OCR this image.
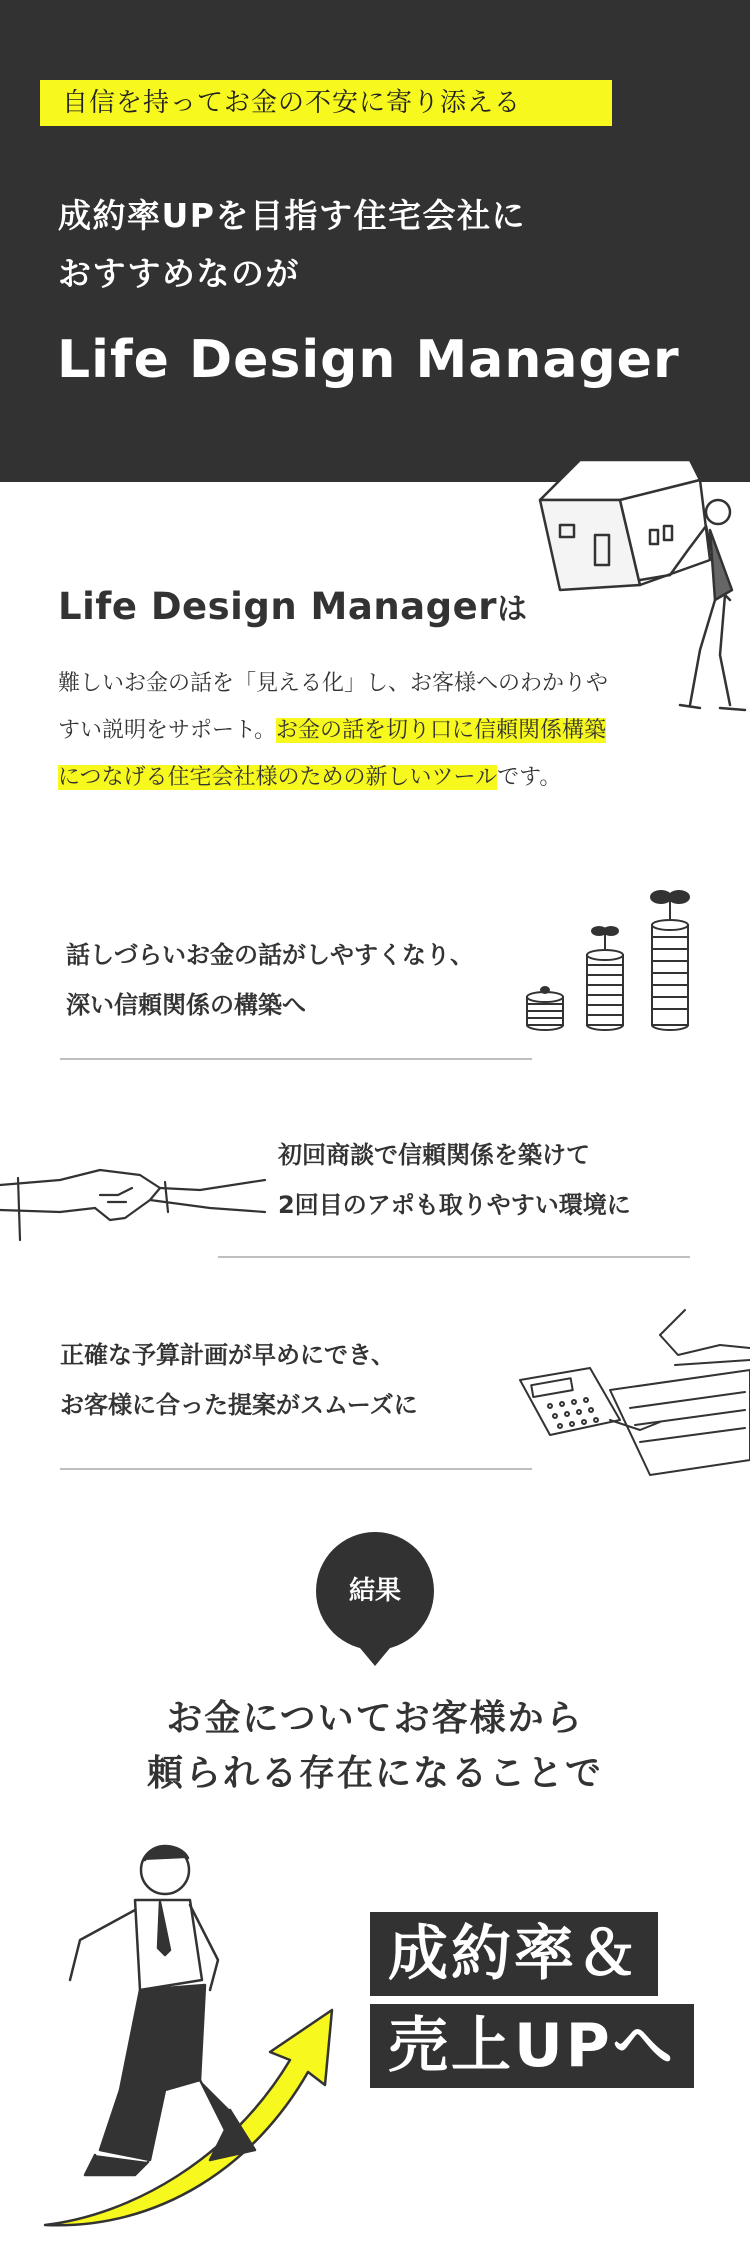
自信を持ってお金の不安に寄り添える
成約率UPを目指す住宅会社に
おすすめなのが
Life Design Manager
Life Design Managerは

難しいお金の話を「見える化」し、お客様へのわかりやすい説明をサポート。お金の話を切り口に信頼関係構築につなげる住宅会社様のための新しいツールです。

話しづらいお金の話がしやすくなり、
深い信頼関係の構築へ
初回商談で信頼関係を築けて
2回目のアポも取りやすい環境に
正確な予算計画が早めにでき、
お客様に合った提案がスムーズに
結果
お金についてお客様から
頼られる存在になることで
成約率＆
売上UPへ
